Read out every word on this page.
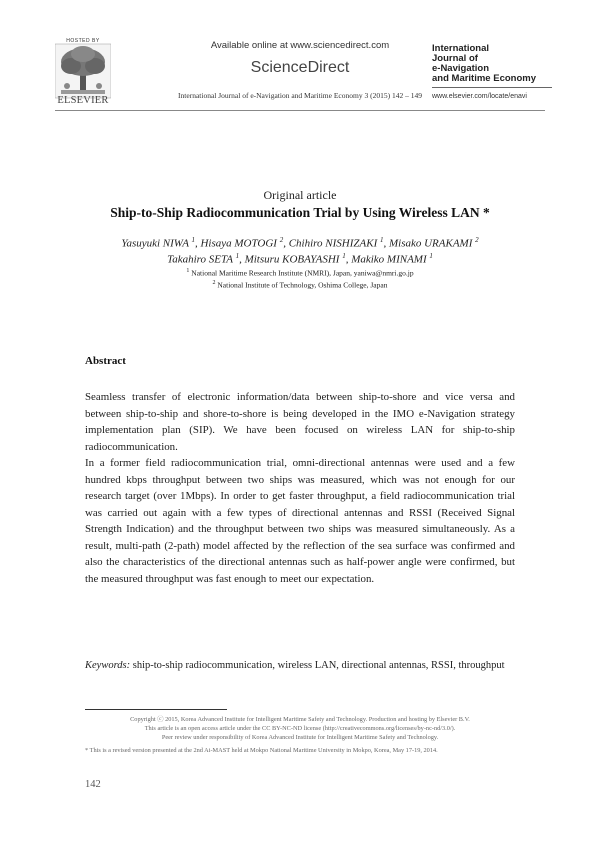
HOSTED BY
ELSEVIER
Available online at www.sciencedirect.com
ScienceDirect
International Journal of e-Navigation and Maritime Economy 3 (2015) 142 – 149
International
Journal of
e-Navigation
and Maritime Economy
www.elsevier.com/locate/enavi
Original article
Ship-to-Ship Radiocommunication Trial by Using Wireless LAN *
Yasuyuki NIWA $^1$, Hisaya MOTOGI $^2$, Chihiro NISHIZAKI $^1$, Misako URAKAMI $^2$
Takahiro SETA $^1$, Mitsuru KOBAYASHI $^1$, Makiko MINAMI $^1$
$^1$ National Maritime Research Institute (NMRI), Japan, yaniwa@nmri.go.jp
$^2$ National Institute of Technology, Oshima College, Japan
Abstract

Seamless transfer of electronic information/data between ship-to-shore and vice versa and between ship-to-ship and shore-to-shore is being developed in the IMO e-Navigation strategy implementation plan (SIP). We have been focused on wireless LAN for ship-to-ship radiocommunication.

In a former field radiocommunication trial, omni-directional antennas were used and a few hundred kbps throughput between two ships was measured, which was not enough for our research target (over 1Mbps). In order to get faster throughput, a field radiocommunication trial was carried out again with a few types of directional antennas and RSSI (Received Signal Strength Indication) and the throughput between two ships was measured simultaneously. As a result, multi-path (2-path) model affected by the reflection of the sea surface was confirmed and also the characteristics of the directional antennas such as half-power angle were confirmed, but the measured throughput was fast enough to meet our expectation.

Keywords: ship-to-ship radiocommunication, wireless LAN, directional antennas, RSSI, throughput
Copyright ⓒ 2015, Korea Advanced Institute for Intelligent Maritime Safety and Technology. Production and hosting by Elsevier B.V.
This article is an open access article under the CC BY-NC-ND license (http://creativecommons.org/licenses/by-nc-nd/3.0/).
Peer review under responsibility of Korea Advanced Institute for Intelligent Maritime Safety and Technology.
* This is a revised version presented at the 2nd Ai-MAST held at Mokpo National Maritime University in Mokpo, Korea, May 17-19, 2014.
142
